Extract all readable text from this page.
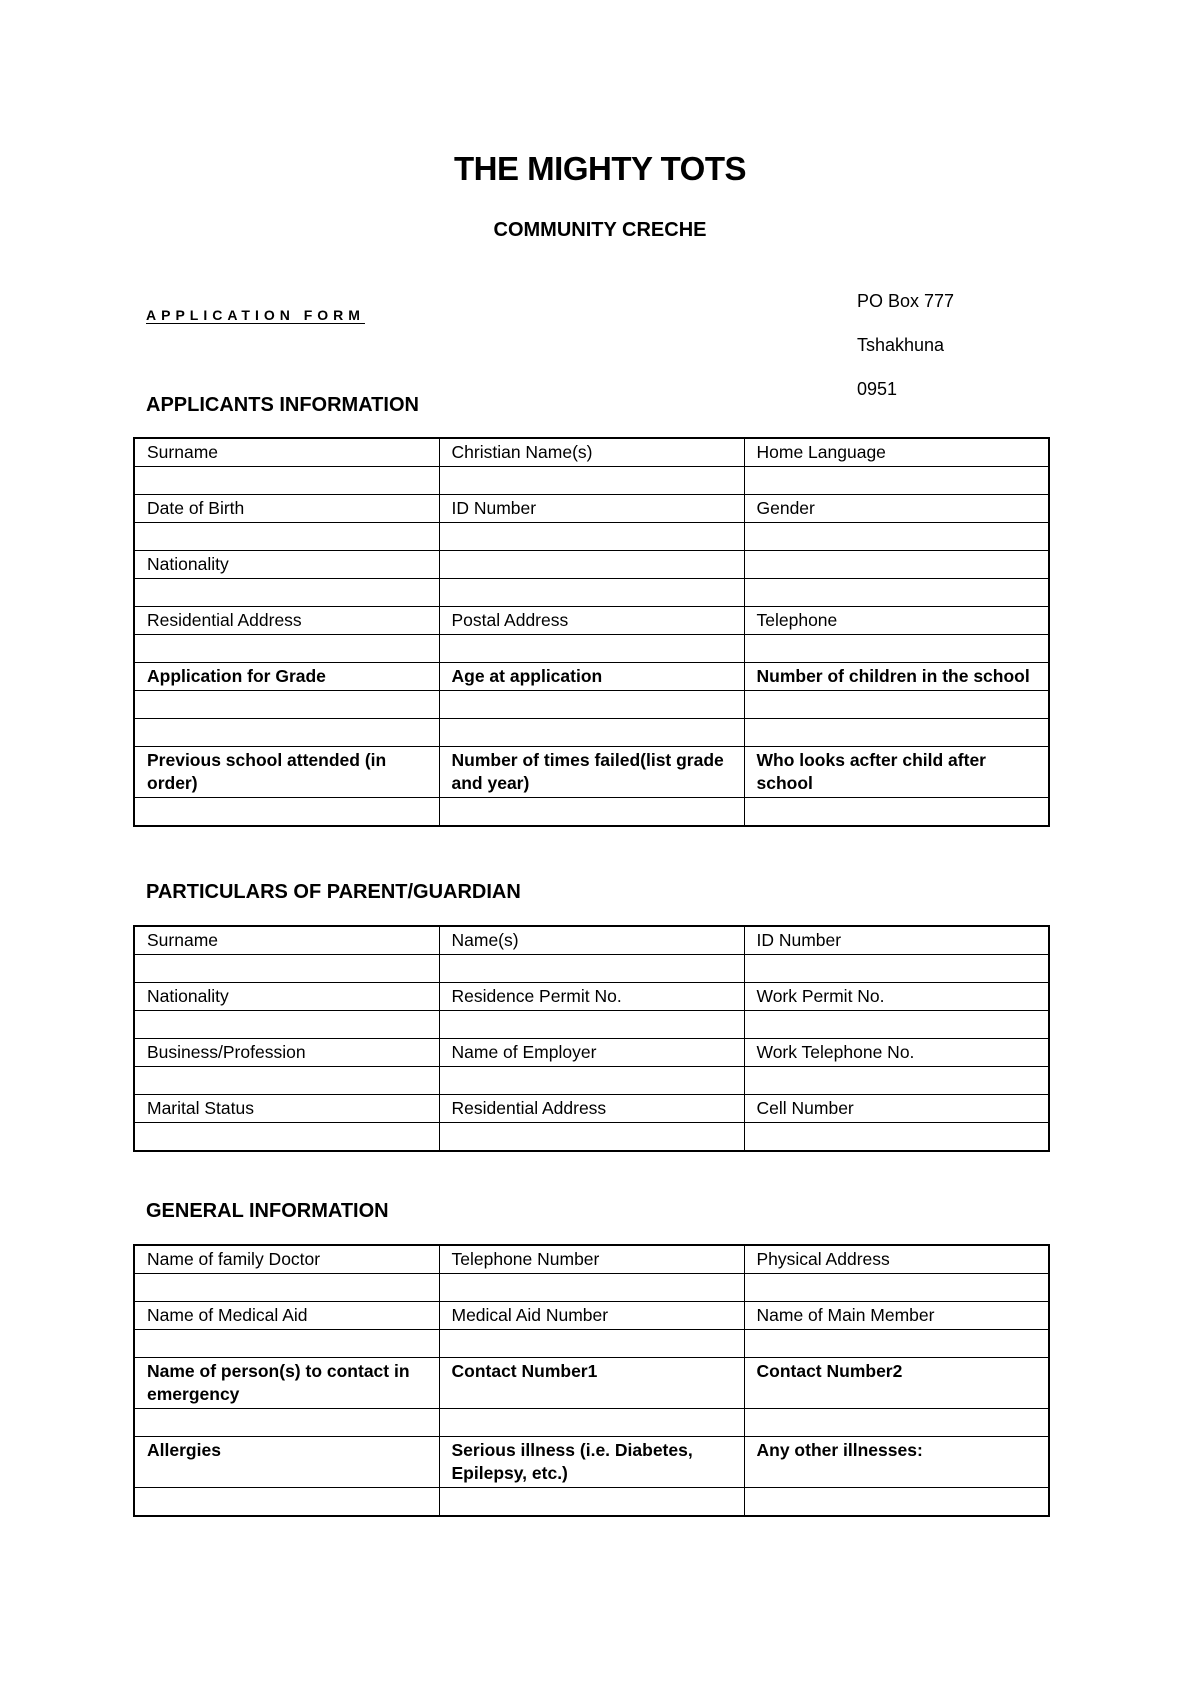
THE MIGHTY TOTS
COMMUNITY CRECHE
APPLICATION FORM
PO Box 777
Tshakhuna
0951
APPLICANTS INFORMATION
Surname	Christian Name(s)	Home Language

Date of Birth	ID Number	Gender

Nationality		

Residential Address	Postal Address	Telephone

Application for Grade	Age at application	Number of children in the school

Previous school attended (in order)	Number of times failed(list grade and year)	Who looks acfter child after school

PARTICULARS OF PARENT/GUARDIAN
Surname	Name(s)	ID Number

Nationality	Residence Permit No.	Work Permit No.

Business/Profession	Name of Employer	Work Telephone No.

Marital Status	Residential Address	Cell Number

GENERAL INFORMATION
Name of family Doctor	Telephone Number	Physical Address

Name of Medical Aid	Medical Aid Number	Name of Main Member

Name of person(s) to contact in emergency	Contact Number1	Contact Number2

Allergies	Serious illness (i.e. Diabetes, Epilepsy, etc.)	Any other illnesses:
